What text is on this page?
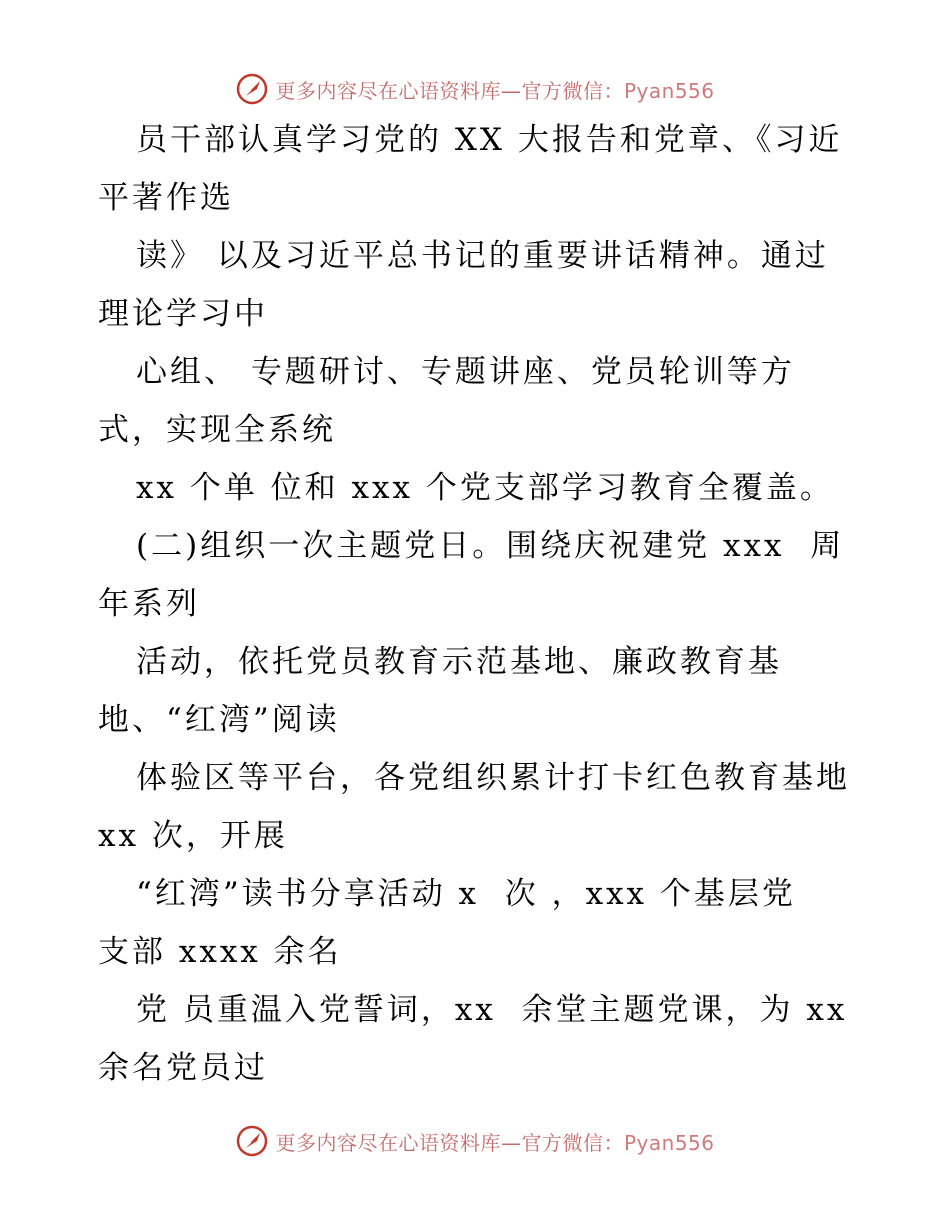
更多内容尽在心语资料库—官方微信：Pyan556
员干部认真学习党的 XX 大报告和党章、《习近
平著作选
读》 以及习近平总书记的重要讲话精神。通过
理论学习中
心组、 专题研讨、专题讲座、党员轮训等方
式，实现全系统
xx 个单 位和 xxx 个党支部学习教育全覆盖。
(二)组织一次主题党日。围绕庆祝建党 xxx  周
年系列
活动，依托党员教育示范基地、廉政教育基
地、“红湾”阅读
体验区等平台，各党组织累计打卡红色教育基地
xx 次，开展
“红湾”读书分享活动 x  次 ，xxx 个基层党
支部 xxxx 余名
党 员重温入党誓词，xx  余堂主题党课，为 xx
余名党员过
更多内容尽在心语资料库—官方微信：Pyan556
